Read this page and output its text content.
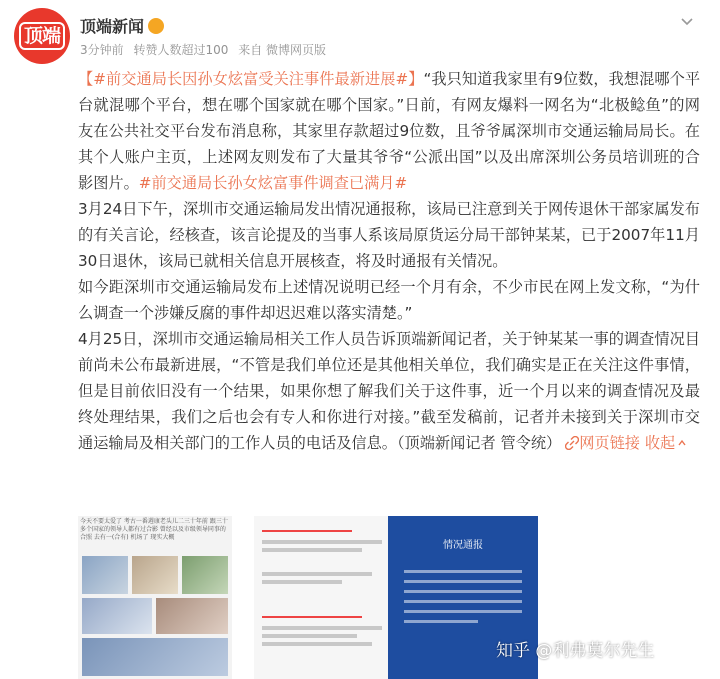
顶端	顶端新闻
3分钟前 转赞人数超过100 来自 微博网页版

【#前交通局长因孙女炫富受关注事件最新进展#】“我只知道我家里有9位数，我想混哪个平台就混哪个平台，想在哪个国家就在哪个国家。”日前，有网友爆料一网名为“北极鲶鱼”的网友在公共社交平台发布消息称，其家里存款超过9位数，且爷爷属深圳市交通运输局局长。在其个人账户主页，上述网友则发布了大量其爷爷“公派出国”以及出席深圳公务员培训班的合影图片。#前交通局长孙女炫富事件调查已满月#

3月24日下午，深圳市交通运输局发出情况通报称，该局已注意到关于网传退休干部家属发布的有关言论，经核查，该言论提及的当事人系该局原货运分局干部钟某某，已于2007年11月30日退休，该局已就相关信息开展核查，将及时通报有关情况。

如今距深圳市交通运输局发布上述情况说明已经一个月有余，不少市民在网上发文称，“为什么调查一个涉嫌反腐的事件却迟迟难以落实清楚。”

4月25日，深圳市交通运输局相关工作人员告诉顶端新闻记者，关于钟某某一事的调查情况目前尚未公布最新进展，“不管是我们单位还是其他相关单位，我们确实是正在关注这件事情，但是目前依旧没有一个结果，如果你想了解我们关于这件事，近一个月以来的调查情况及最终处理结果，我们之后也会有专人和你进行对接。”截至发稿前，记者并未接到关于深圳市交通运输局及相关部门的工作人员的电话及信息。（顶端新闻记者 管令统） 网页链接 收起

今天不要太爱了 考古一番週康老头儿二三十年前 跟三十多个国家的领导人都有过合影 曾经以及市级领导同事的合照 去有一(合有) 机场了 现实大概
情况通报
知乎 @利弗莫尔先生
